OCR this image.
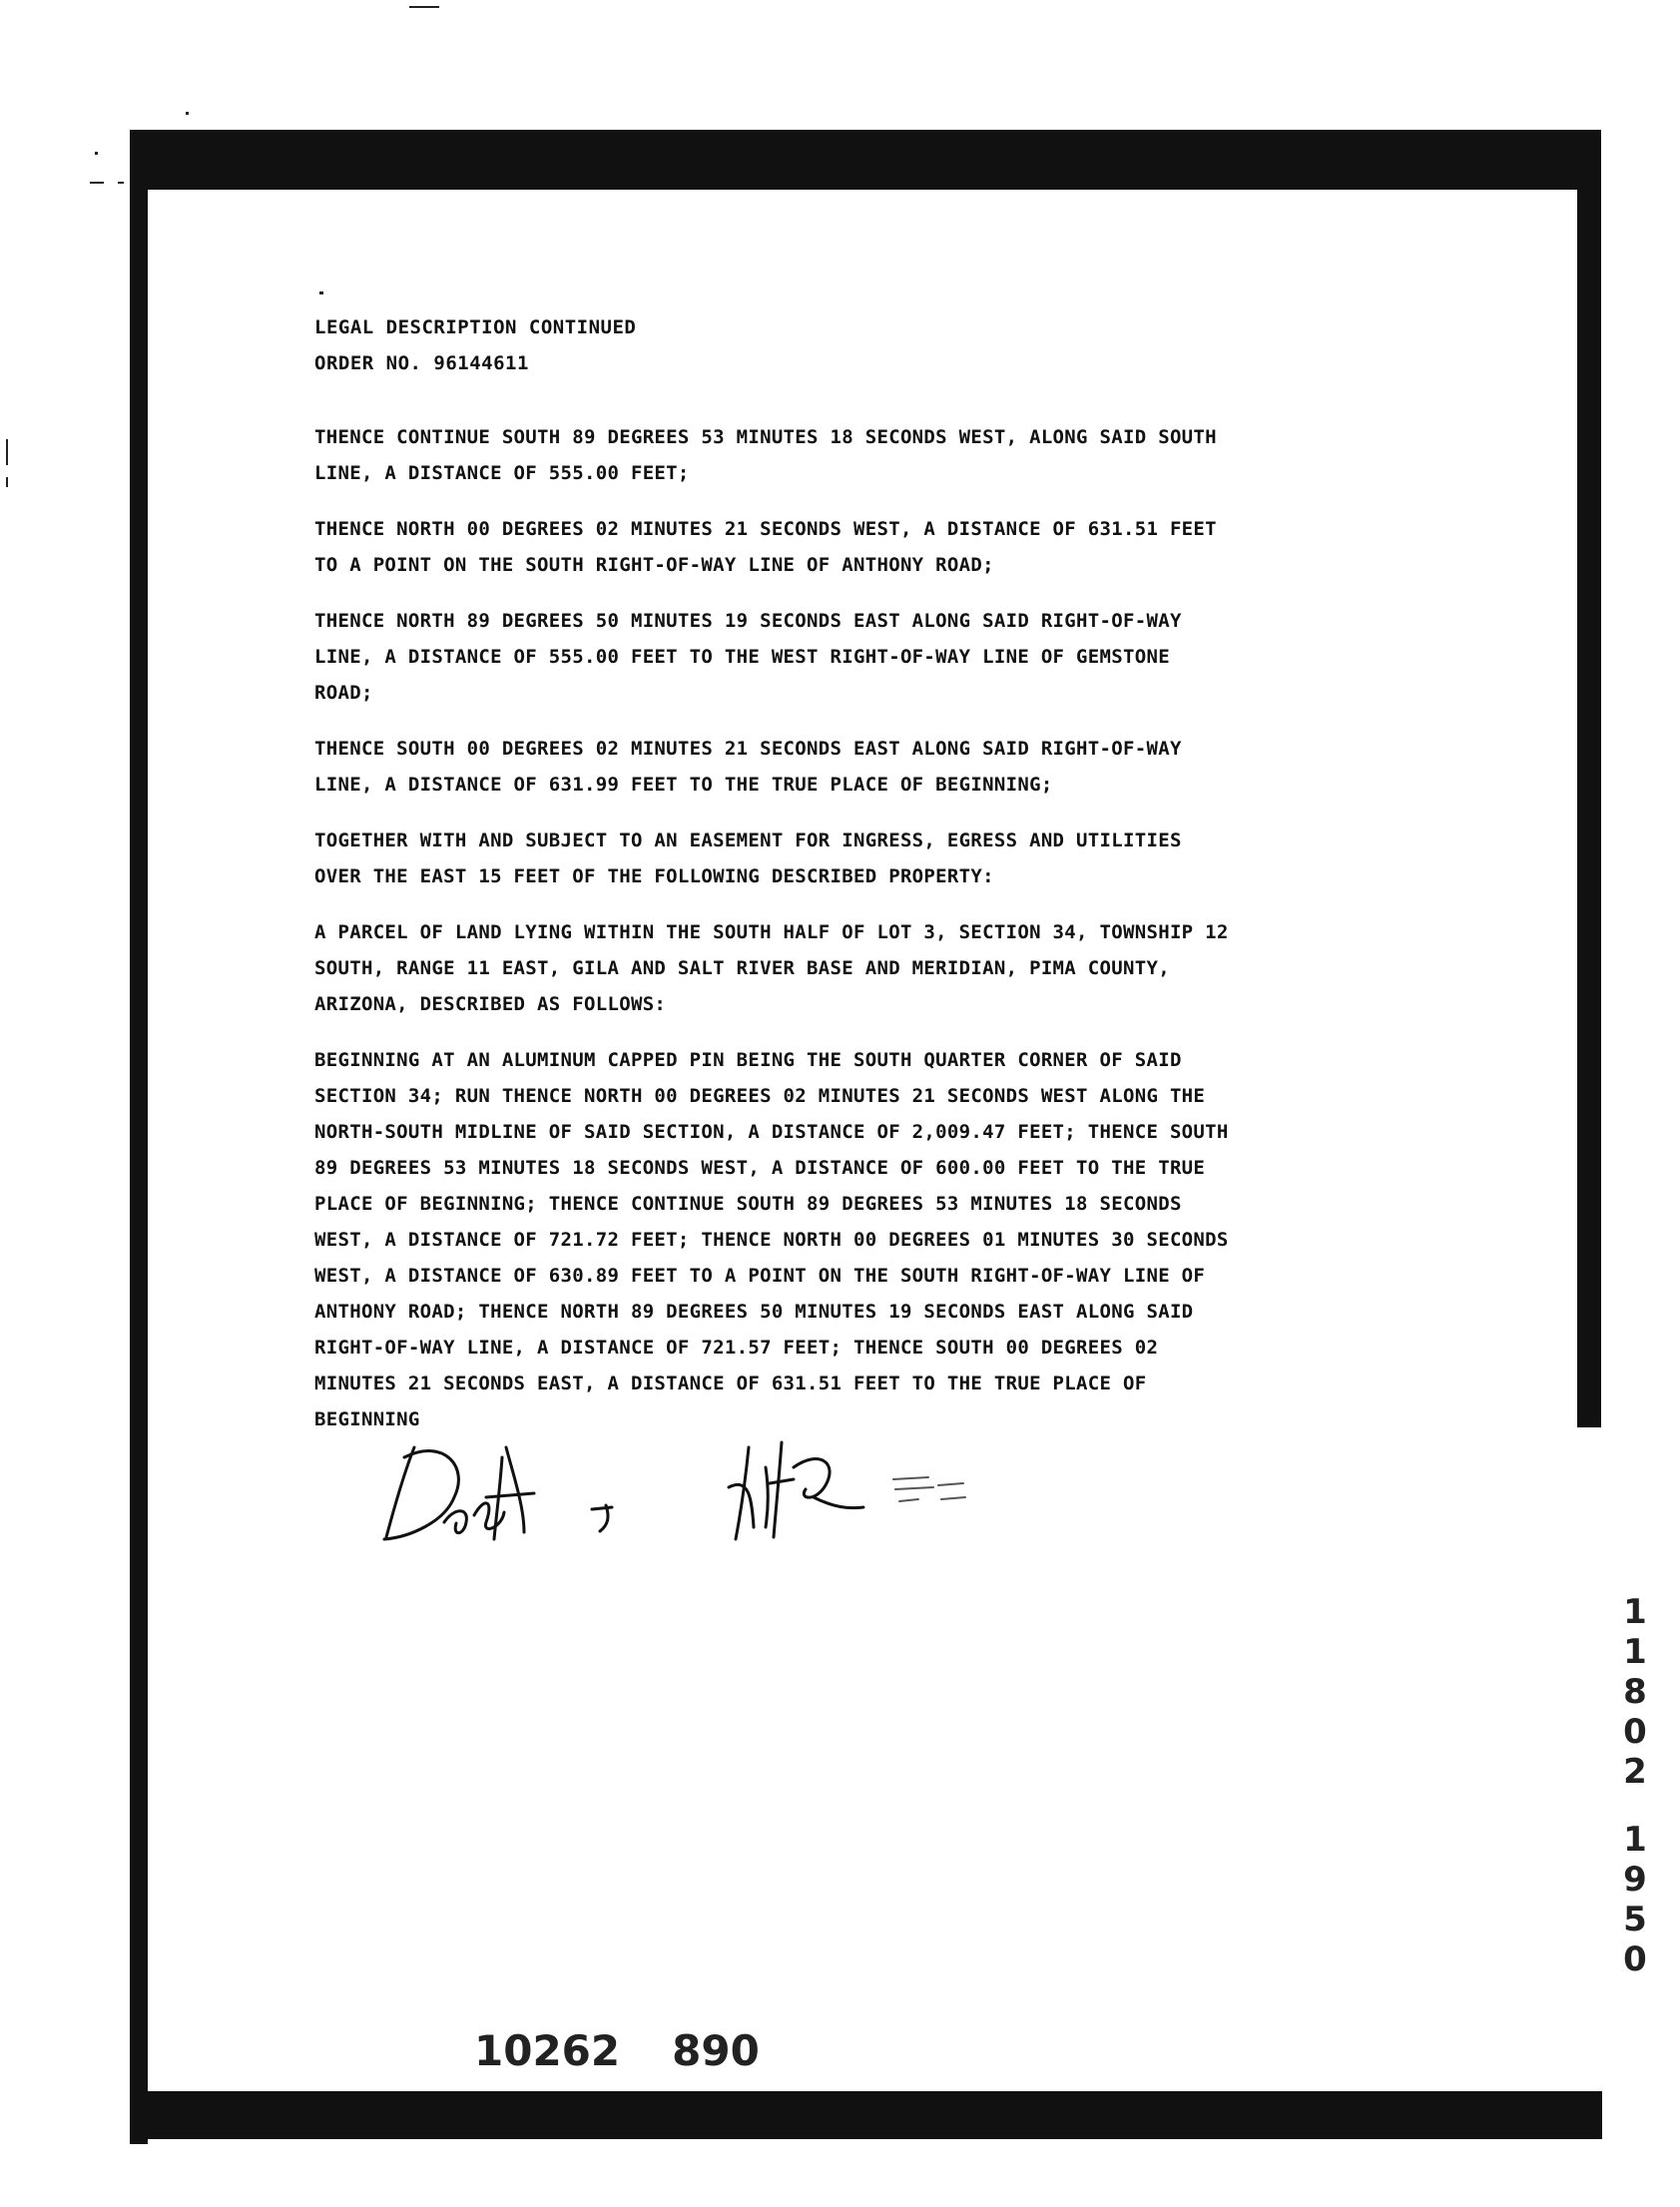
LEGAL DESCRIPTION CONTINUED
ORDER NO. 96144611
THENCE CONTINUE SOUTH 89 DEGREES 53 MINUTES 18 SECONDS WEST, ALONG SAID SOUTH
LINE, A DISTANCE OF 555.00 FEET;
THENCE NORTH 00 DEGREES 02 MINUTES 21 SECONDS WEST, A DISTANCE OF 631.51 FEET
TO A POINT ON THE SOUTH RIGHT-OF-WAY LINE OF ANTHONY ROAD;
THENCE NORTH 89 DEGREES 50 MINUTES 19 SECONDS EAST ALONG SAID RIGHT-OF-WAY
LINE, A DISTANCE OF 555.00 FEET TO THE WEST RIGHT-OF-WAY LINE OF GEMSTONE
ROAD;
THENCE SOUTH 00 DEGREES 02 MINUTES 21 SECONDS EAST ALONG SAID RIGHT-OF-WAY
LINE, A DISTANCE OF 631.99 FEET TO THE TRUE PLACE OF BEGINNING;
TOGETHER WITH AND SUBJECT TO AN EASEMENT FOR INGRESS, EGRESS AND UTILITIES
OVER THE EAST 15 FEET OF THE FOLLOWING DESCRIBED PROPERTY:
A PARCEL OF LAND LYING WITHIN THE SOUTH HALF OF LOT 3, SECTION 34, TOWNSHIP 12
SOUTH, RANGE 11 EAST, GILA AND SALT RIVER BASE AND MERIDIAN, PIMA COUNTY,
ARIZONA, DESCRIBED AS FOLLOWS:
BEGINNING AT AN ALUMINUM CAPPED PIN BEING THE SOUTH QUARTER CORNER OF SAID
SECTION 34; RUN THENCE NORTH 00 DEGREES 02 MINUTES 21 SECONDS WEST ALONG THE
NORTH-SOUTH MIDLINE OF SAID SECTION, A DISTANCE OF 2,009.47 FEET; THENCE SOUTH
89 DEGREES 53 MINUTES 18 SECONDS WEST, A DISTANCE OF 600.00 FEET TO THE TRUE
PLACE OF BEGINNING; THENCE CONTINUE SOUTH 89 DEGREES 53 MINUTES 18 SECONDS
WEST, A DISTANCE OF 721.72 FEET; THENCE NORTH 00 DEGREES 01 MINUTES 30 SECONDS
WEST, A DISTANCE OF 630.89 FEET TO A POINT ON THE SOUTH RIGHT-OF-WAY LINE OF
ANTHONY ROAD; THENCE NORTH 89 DEGREES 50 MINUTES 19 SECONDS EAST ALONG SAID
RIGHT-OF-WAY LINE, A DISTANCE OF 721.57 FEET; THENCE SOUTH 00 DEGREES 02
MINUTES 21 SECONDS EAST, A DISTANCE OF 631.51 FEET TO THE TRUE PLACE OF
BEGINNING
1
1
8
0
2
1
9
5
0
10262 890
